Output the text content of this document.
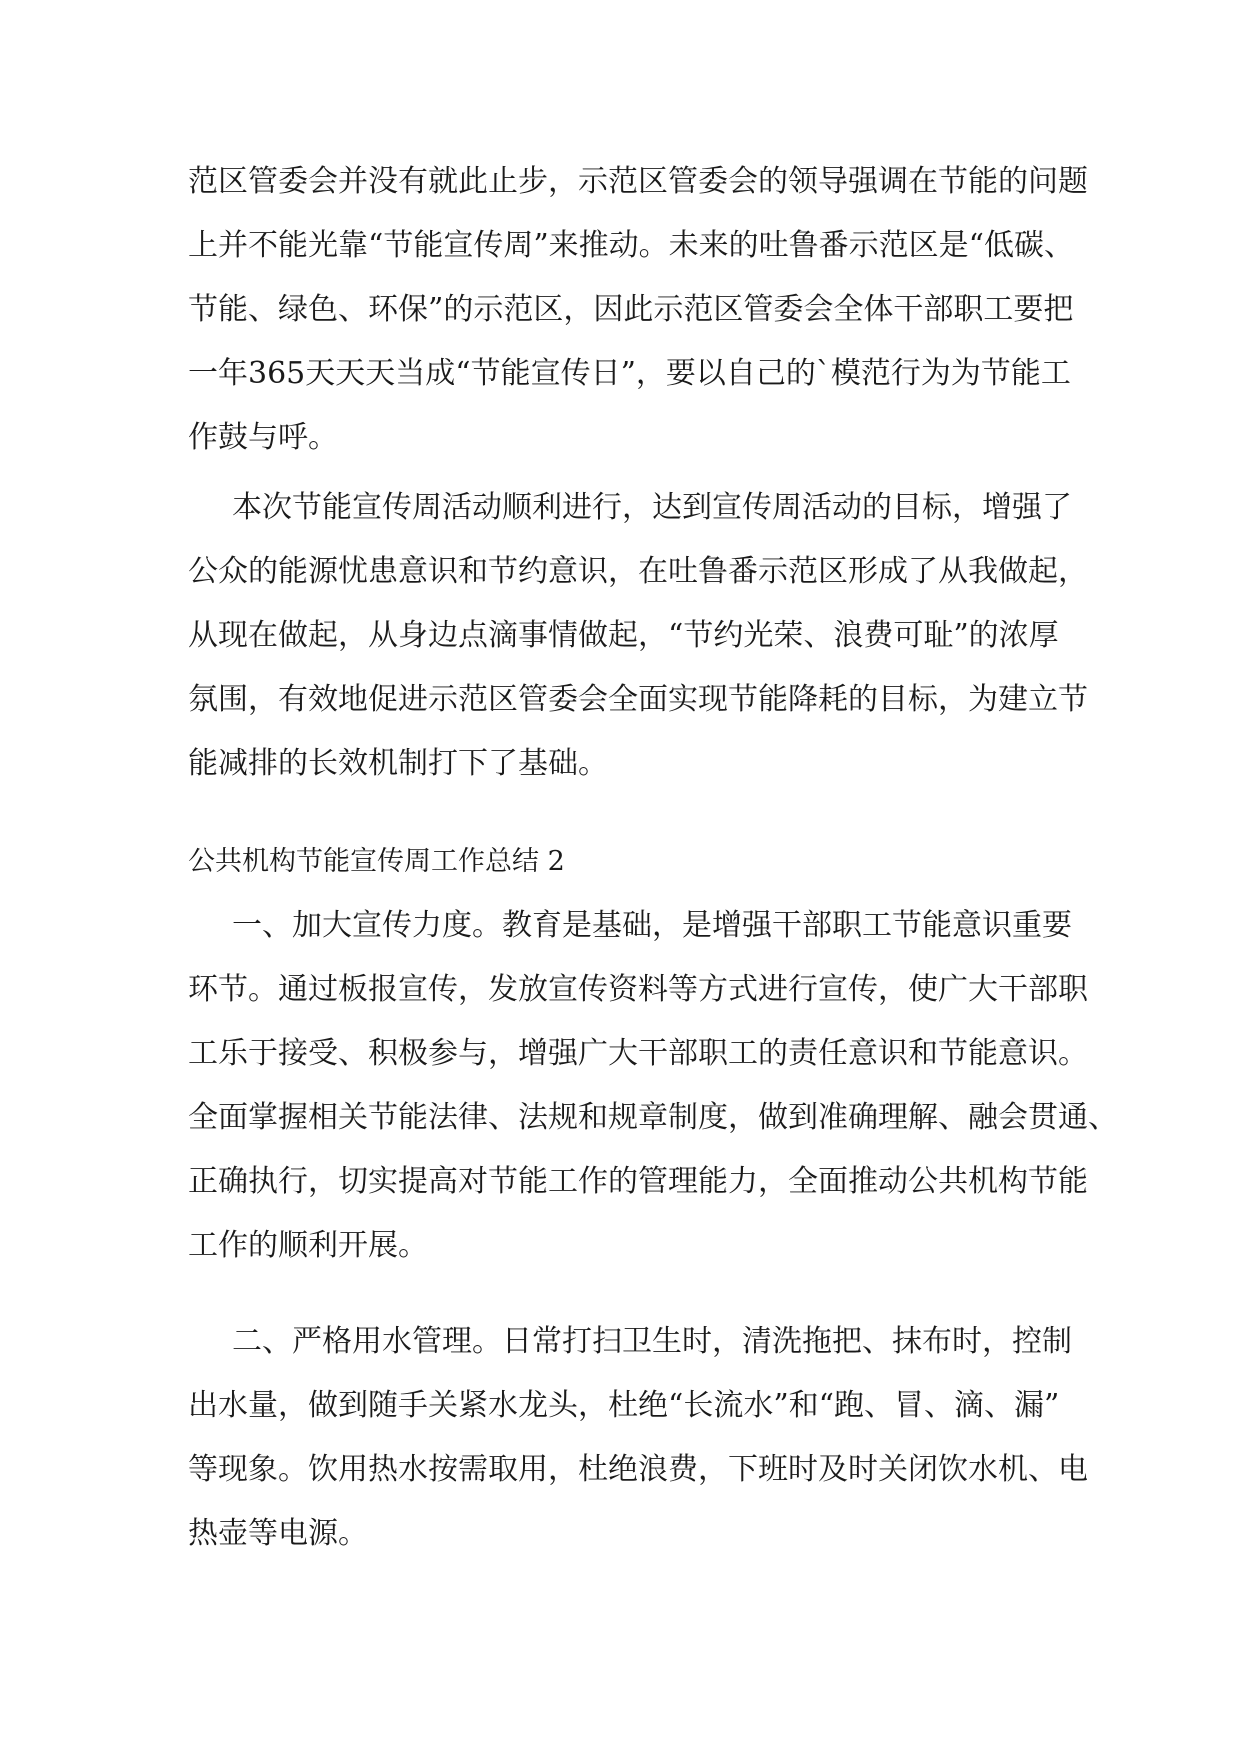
范区管委会并没有就此止步，示范区管委会的领导强调在节能的问题
上并不能光靠“节能宣传周”来推动。未来的吐鲁番示范区是“低碳、
节能、绿色、环保”的示范区，因此示范区管委会全体干部职工要把
一年365天天天当成“节能宣传日”，要以自己的`模范行为为节能工
作鼓与呼。
本次节能宣传周活动顺利进行，达到宣传周活动的目标，增强了
公众的能源忧患意识和节约意识，在吐鲁番示范区形成了从我做起，
从现在做起，从身边点滴事情做起，“节约光荣、浪费可耻”的浓厚
氛围，有效地促进示范区管委会全面实现节能降耗的目标，为建立节
能减排的长效机制打下了基础。
公共机构节能宣传周工作总结 2
一、加大宣传力度。教育是基础，是增强干部职工节能意识重要
环节。通过板报宣传，发放宣传资料等方式进行宣传，使广大干部职
工乐于接受、积极参与，增强广大干部职工的责任意识和节能意识。
全面掌握相关节能法律、法规和规章制度，做到准确理解、融会贯通、
正确执行，切实提高对节能工作的管理能力，全面推动公共机构节能
工作的顺利开展。
二、严格用水管理。日常打扫卫生时，清洗拖把、抹布时，控制
出水量，做到随手关紧水龙头，杜绝“长流水”和“跑、冒、滴、漏”
等现象。饮用热水按需取用，杜绝浪费，下班时及时关闭饮水机、电
热壶等电源。
